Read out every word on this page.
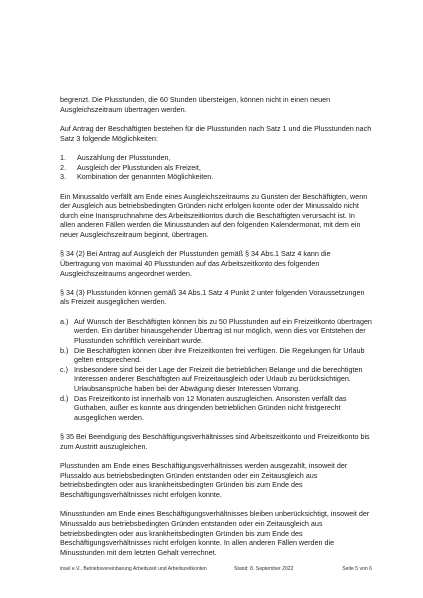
begrenzt. Die Plusstunden, die 60 Stunden übersteigen, können nicht in einen neuen Ausgleichszeitraum übertragen werden.

Auf Antrag der Beschäftigten bestehen für die Plusstunden nach Satz 1 und die Plusstunden nach Satz 3 folgende Möglichkeiten:

1.	Auszahlung der Plusstunden,
2.	Ausgleich der Plusstunden als Freizeit,
3.	Kombination der genannten Möglichkeiten.

Ein Minussaldo verfällt am Ende eines Ausgleichszeitraums zu Gunsten der Beschäftigten, wenn der Ausgleich aus betriebsbedingten Gründen nicht erfolgen konnte oder der Minussaldo nicht durch eine Inanspruchnahme des Arbeitszeitkontos durch die Beschäftigten verursacht ist. In allen anderen Fällen werden die Minusstunden auf den folgenden Kalendermonat, mit dem ein neuer Ausgleichszeitraum beginnt, übertragen.

§ 34 (2) Bei Antrag auf Ausgleich der Plusstunden gemäß § 34 Abs.1 Satz 4 kann die Übertragung von maximal 40 Plusstunden auf das Arbeitszeitkonto des folgenden Ausgleichszeitraums angeordnet werden.

§ 34 (3) Plusstunden können gemäß 34 Abs.1 Satz 4 Punkt 2 unter folgenden Voraussetzungen als Freizeit ausgeglichen werden.

a.) Auf Wunsch der Beschäftigten können bis zu 50 Plusstunden auf ein Freizeitkonto übertragen werden. Ein darüber hinausgehender Übertrag ist nur möglich, wenn dies vor Entstehen der Plusstunden schriftlich vereinbart wurde.
b.) Die Beschäftigten können über ihre Freizeitkonten frei verfügen. Die Regelungen für Urlaub gelten entsprechend.
c.) Insbesondere sind bei der Lage der Freizeit die betrieblichen Belange und die berechtigten Interessen anderer Beschäftigten auf Freizeitausgleich oder Urlaub zu berücksichtigen. Urlaubsansprüche haben bei der Abwägung dieser Interessen Vorrang.
d.) Das Freizeitkonto ist innerhalb von 12 Monaten auszugleichen. Ansonsten verfällt das Guthaben, außer es konnte aus dringenden betrieblichen Gründen nicht fristgerecht ausgeglichen werden.

§ 35 Bei Beendigung des Beschäftigungsverhältnisses sind Arbeitszeitkonto und Freizeitkonto bis zum Austritt auszugleichen.

Plusstunden am Ende eines Beschäftigungsverhältnisses werden ausgezahlt, insoweit der Plussaldo aus betriebsbedingten Gründen entstanden oder ein Zeitausgleich aus betriebsbedingten oder aus krankheitsbedingten Gründen bis zum Ende des Beschäftigungsverhältnisses nicht erfolgen konnte.

Minusstunden am Ende eines Beschäftigungsverhältnisses bleiben unberücksichtigt, insoweit der Minussaldo aus betriebsbedingten Gründen entstanden oder ein Zeitausgleich aus betriebsbedingten oder aus krankheitsbedingten Gründen bis zum Ende des Beschäftigungsverhältnisses nicht erfolgen konnte. In allen anderen Fällen werden die Minusstunden mit dem letzten Gehalt verrechnet.

insel e.V., Betriebsvereinbarung Arbeitszeit und Arbeitszeitkonten	Stand: 8. September 2022	Seite 5 von 6
